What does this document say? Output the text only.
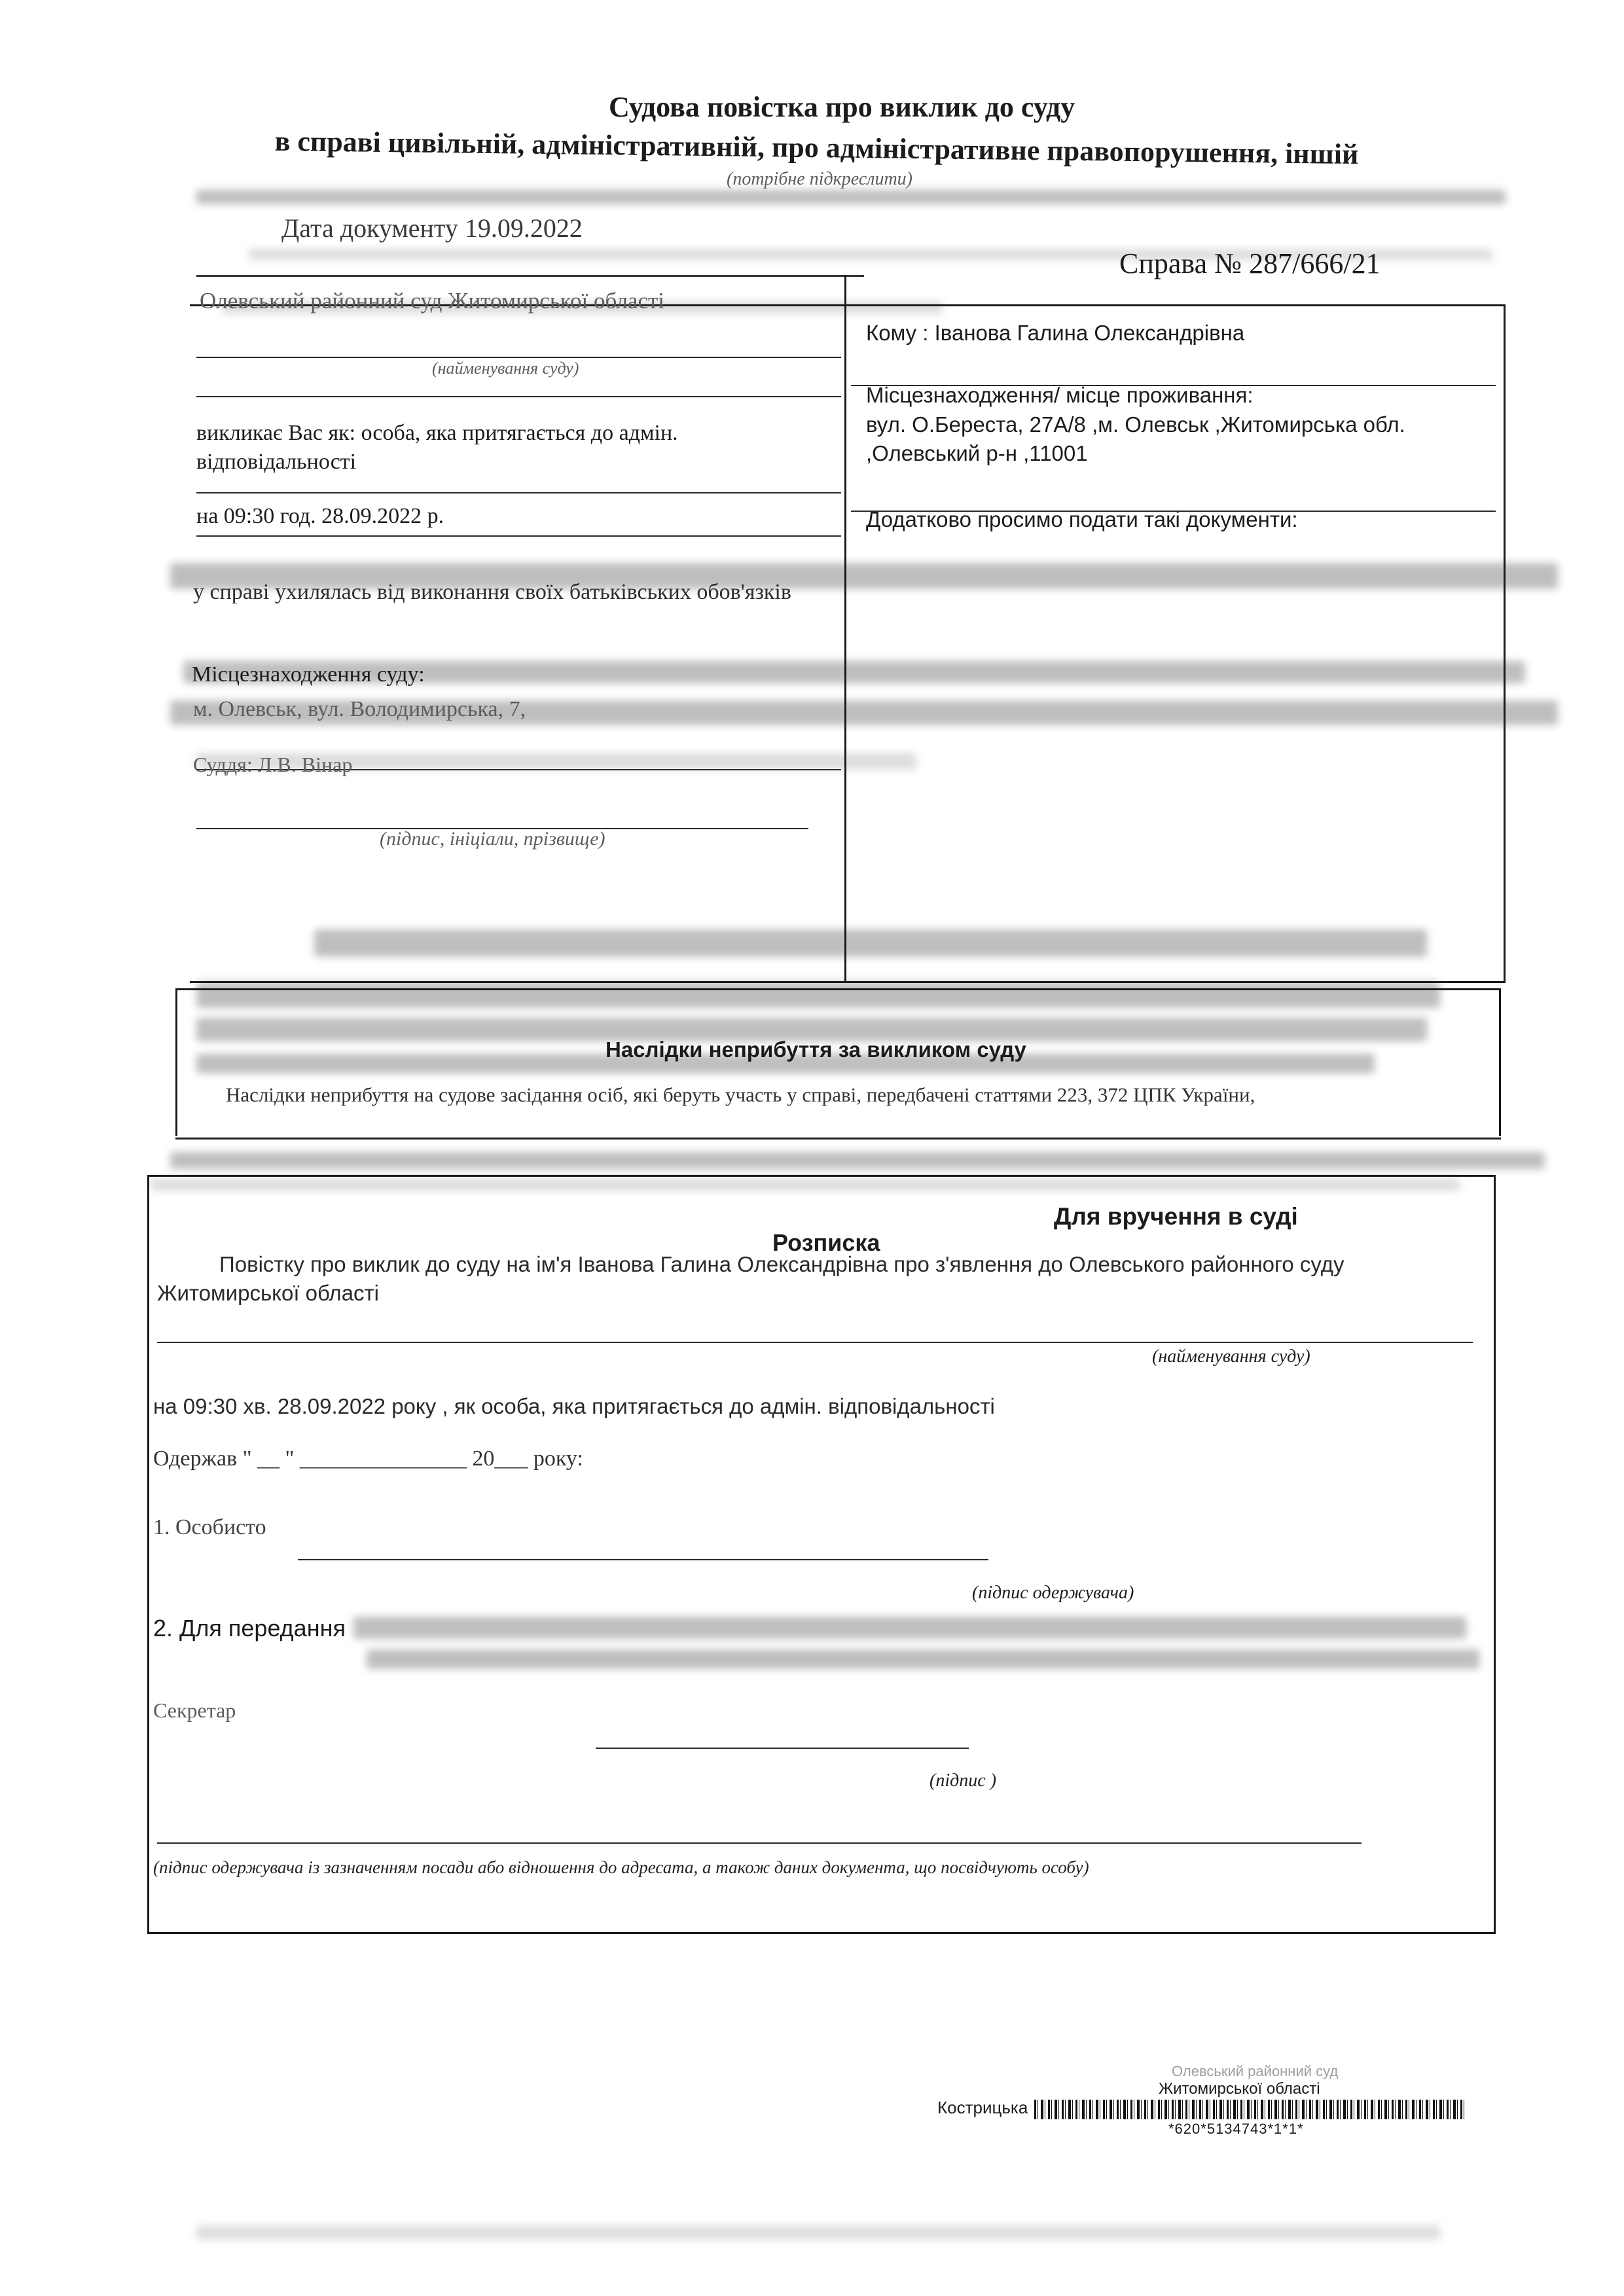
Судова повістка про виклик до суду
в справі цивільній, адміністративній, про адміністративне правопорушення, іншій
(потрібне підкреслити)
Дата документу 19.09.2022
Справа № 287/666/21
Олевський районний суд Житомирської області
(найменування суду)
викликає Вас як: особа, яка притягається до адмін. відповідальності
на 09:30 год. 28.09.2022 р.
у справі ухилялась від виконання своїх батьківських обов'язків
Місцезнаходження суду:
м. Олевськ, вул. Володимирська, 7,
Суддя: Л.В. Вінар
(підпис, ініціали, прізвище)
Кому : Іванова Галина Олександрівна
Місцезнаходження/ місце проживання:
вул. О.Береста, 27А/8 ,м. Олевськ ,Житомирська обл. ,Олевський р-н ,11001
Додатково просимо подати такі документи:
Наслідки неприбуття за викликом суду
Наслідки неприбуття на судове засідання осіб, які беруть участь у справі, передбачені статтями 223, 372 ЦПК України,
Для вручення в суді
Розписка
Повістку про виклик до суду на ім'я Іванова Галина Олександрівна про з'явлення до Олевського районного суду Житомирської області
(найменування суду)
на 09:30 хв. 28.09.2022 року , як особа, яка притягається до адмін. відповідальності
Одержав " __ " _______________ 20___ року:
1. Особисто
(підпис одержувача)
2. Для передання
Секретар
(підпис )
(підпис одержувача із зазначенням посади або відношення до адресата, а також даних документа, що посвідчують особу)
Олевський районний суд
Житомирської області
Кострицька
*620*5134743*1*1*
